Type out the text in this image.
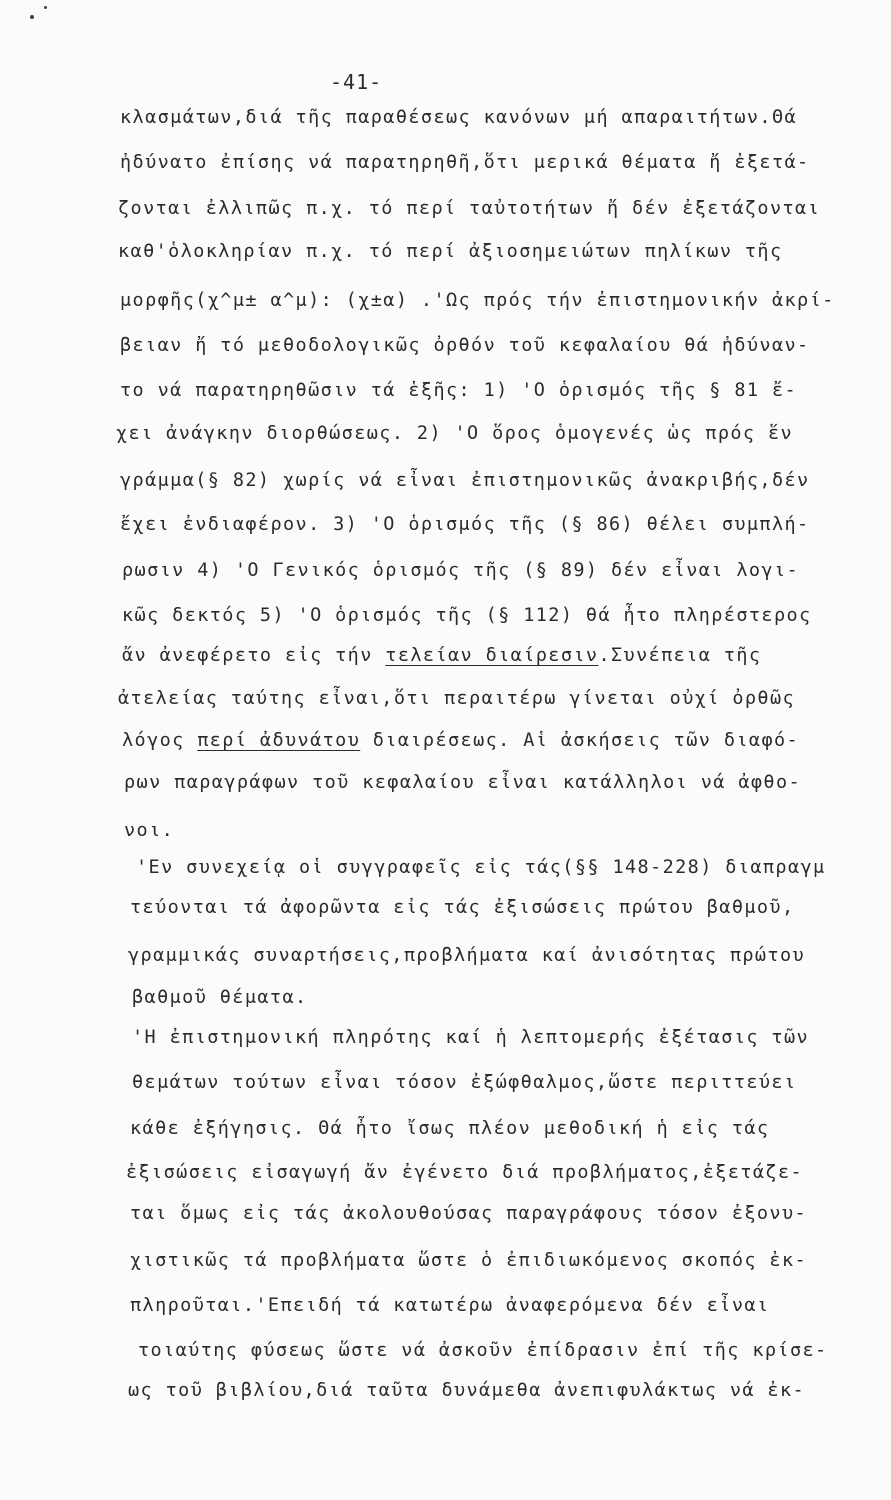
-41-
κλασμάτων,διά τῆς παραθέσεως κανόνων μή απαραιτήτων.Θά
ἠδύνατο ἐπίσης νά παρατηρηθῆ,ὅτι μερικά θέματα ἤ ἐξετά-
ζονται ἐλλιπῶς π.χ. τό περί ταὐτοτήτων ἤ δέν ἐξετάζονται
καθ'ὁλοκληρίαν π.χ. τό περί ἀξιοσημειώτων πηλίκων τῆς
μορφῆς(χ^μ± α^μ): (χ±α) .'Ως πρός τήν ἐπιστημονικήν ἀκρί-
βειαν ἤ τό μεθοδολογικῶς ὀρθόν τοῦ κεφαλαίου θά ἠδύναν-
το νά παρατηρηθῶσιν τά ἑξῆς: 1) 'Ο ὁρισμός τῆς § 81 ἔ-
χει ἀνάγκην διορθώσεως. 2) 'Ο ὅρος ὁμογενές ὡς πρός ἕν
γράμμα(§ 82) χωρίς νά εἶναι ἐπιστημονικῶς ἀνακριβής,δέν
ἔχει ἐνδιαφέρον. 3) 'Ο ὁρισμός τῆς (§ 86) θέλει συμπλή-
ρωσιν 4) 'Ο Γενικός ὁρισμός τῆς (§ 89) δέν εἶναι λογι-
κῶς δεκτός 5) 'Ο ὁρισμός τῆς (§ 112) θά ἦτο πληρέστερος
ἄν ἀνεφέρετο εἰς τήν τελείαν διαίρεσιν.Συνέπεια τῆς
ἀτελείας ταύτης εἶναι,ὅτι περαιτέρω γίνεται οὐχί ὀρθῶς
λόγος περί ἀδυνάτου διαιρέσεως. Αἱ ἀσκήσεις τῶν διαφό-
ρων παραγράφων τοῦ κεφαλαίου εἶναι κατάλληλοι νά ἀφθο-
νοι.
'Εν συνεχείᾳ οἱ συγγραφεῖς εἰς τάς(§§ 148-228) διαπραγμ
τεύονται τά ἀφορῶντα εἰς τάς ἐξισώσεις πρώτου βαθμοῦ,
γραμμικάς συναρτήσεις,προβλήματα καί ἀνισότητας πρώτου
βαθμοῦ θέματα.
'Η ἐπιστημονική πληρότης καί ἡ λεπτομερής ἐξέτασις τῶν
θεμάτων τούτων εἶναι τόσον ἐξώφθαλμος,ὥστε περιττεύει
κάθε ἐξήγησις. Θά ἦτο ἴσως πλέον μεθοδική ἡ εἰς τάς
ἐξισώσεις εἰσαγωγή ἄν ἐγένετο διά προβλήματος,ἐξετάζε-
ται ὅμως εἰς τάς ἀκολουθούσας παραγράφους τόσον ἐξονυ-
χιστικῶς τά προβλήματα ὥστε ὁ ἐπιδιωκόμενος σκοπός ἐκ-
πληροῦται.'Επειδή τά κατωτέρω ἀναφερόμενα δέν εἶναι
τοιαύτης φύσεως ὥστε νά ἀσκοῦν ἐπίδρασιν ἐπί τῆς κρίσε-
ως τοῦ βιβλίου,διά ταῦτα δυνάμεθα ἀνεπιφυλάκτως νά ἐκ-
